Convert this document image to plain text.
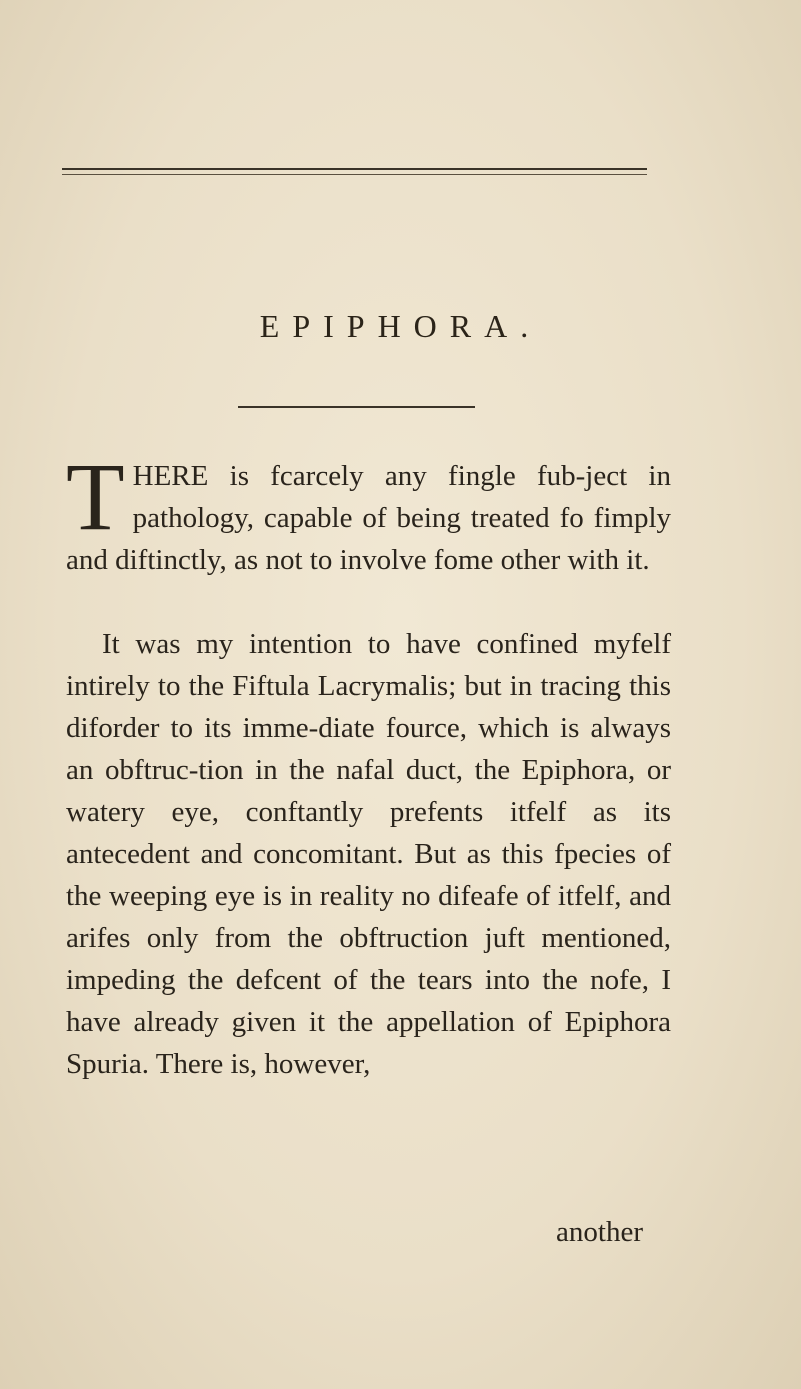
EPIPHORA.

THERE is fcarcely any fingle fub-ject in pathology, capable of being treated fo fimply and diftinctly, as not to involve fome other with it.

It was my intention to have confined myfelf intirely to the Fiftula Lacrymalis; but in tracing this diforder to its imme-diate fource, which is always an obftruc-tion in the nafal duct, the Epiphora, or watery eye, conftantly prefents itfelf as its antecedent and concomitant. But as this fpecies of the weeping eye is in reality no difeafe of itfelf, and arifes only from the obftruction juft mentioned, impeding the defcent of the tears into the nofe, I have already given it the appellation of Epiphora Spuria. There is, however,

another
